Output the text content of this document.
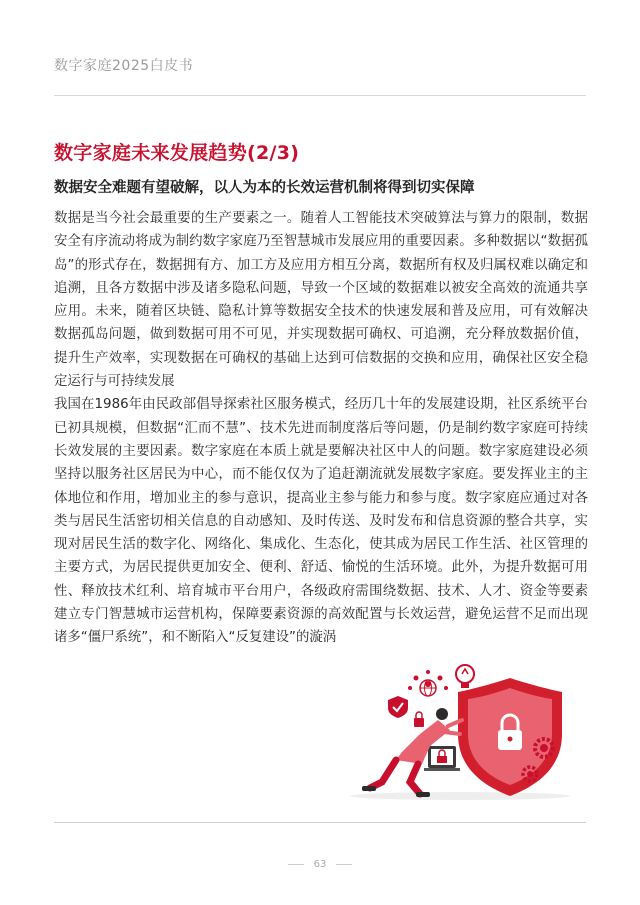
数字家庭2025白皮书
数字家庭未来发展趋势(2/3)
数据安全难题有望破解，以人为本的长效运营机制将得到切实保障

数据是当今社会最重要的生产要素之一。随着人工智能技术突破算法与算力的限制，数据安全有序流动将成为制约数字家庭乃至智慧城市发展应用的重要因素。多种数据以“数据孤岛”的形式存在，数据拥有方、加工方及应用方相互分离，数据所有权及归属权难以确定和追溯，且各方数据中涉及诸多隐私问题，导致一个区域的数据难以被安全高效的流通共享应用。未来，随着区块链、隐私计算等数据安全技术的快速发展和普及应用，可有效解决数据孤岛问题，做到数据可用不可见，并实现数据可确权、可追溯，充分释放数据价值，提升生产效率，实现数据在可确权的基础上达到可信数据的交换和应用，确保社区安全稳定运行与可持续发展

我国在1986年由民政部倡导探索社区服务模式，经历几十年的发展建设期，社区系统平台已初具规模，但数据“汇而不慧”、技术先进而制度落后等问题，仍是制约数字家庭可持续长效发展的主要因素。数字家庭在本质上就是要解决社区中人的问题。数字家庭建设必须坚持以服务社区居民为中心，而不能仅仅为了追赶潮流就发展数字家庭。要发挥业主的主体地位和作用，增加业主的参与意识，提高业主参与能力和参与度。数字家庭应通过对各类与居民生活密切相关信息的自动感知、及时传送、及时发布和信息资源的整合共享，实现对居民生活的数字化、网络化、集成化、生态化，使其成为居民工作生活、社区管理的主要方式，为居民提供更加安全、便利、舒适、愉悦的生活环境。此外，为提升数据可用性、释放技术红利、培育城市平台用户，各级政府需围绕数据、技术、人才、资金等要素建立专门智慧城市运营机构，保障要素资源的高效配置与长效运营，避免运营不足而出现诸多“僵尸系统”，和不断陷入“反复建设”的漩涡

63
